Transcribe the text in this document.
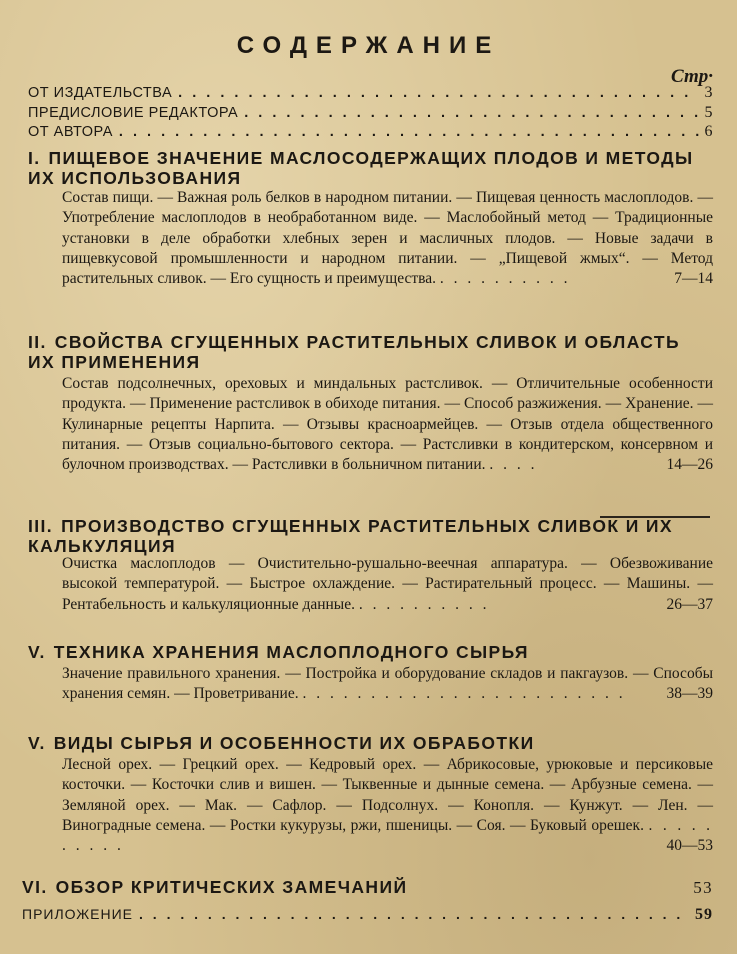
СОДЕРЖАНИЕ
Стр·
ОТ ИЗДАТЕЛЬСТВА . . .	3
ПРЕДИСЛОВИЕ РЕДАКТОРА . . .	5
ОТ АВТОРА . . .	6
I. ПИЩЕВОЕ ЗНАЧЕНИЕ МАСЛОСОДЕРЖАЩИХ ПЛОДОВ И МЕТОДЫ ИХ ИСПОЛЬЗОВАНИЯ
Состав пищи. — Важная роль белков в народном питании. — Пищевая ценность маслоплодов. — Употребление маслоплодов в необработанном виде. — Маслобойный метод — Традиционные установки в деле обработки хлебных зерен и масличных плодов. — Новые задачи в пищевкусовой промышленности и народном питании. — „Пищевой жмых“. — Метод растительных сливок. — Его сущность и преимущества. . . . . . . . . . .	7—14
II. СВОЙСТВА СГУЩЕННЫХ РАСТИТЕЛЬНЫХ СЛИВОК И ОБЛАСТЬ ИХ ПРИМЕНЕНИЯ
Состав подсолнечных, ореховых и миндальных растсливок. — Отличительные особенности продукта. — Применение растсливок в обиходе питания. — Способ разжижения. — Хранение. — Кулинарные рецепты Нарпита. — Отзывы красноармейцев. — Отзыв отдела общественного питания. — Отзыв социально-бытового сектора. — Растсливки в кондитерском, консервном и булочном производствах. — Растсливки в больничном питании. . . . .	14—26
III. ПРОИЗВОДСТВО СГУЩЕННЫХ РАСТИТЕЛЬНЫХ СЛИВОК И ИХ КАЛЬКУЛЯЦИЯ
Очистка маслоплодов — Очистительно-рушально-веечная аппаратура. — Обезвоживание высокой температурой. — Быстрое охлаждение. — Растирательный процесс. — Машины. — Рентабельность и калькуляционные данные. . . . . . . . . . .	26—37
V. ТЕХНИКА ХРАНЕНИЯ МАСЛОПЛОДНОГО СЫРЬЯ
Значение правильного хранения. — Постройка и оборудование складов и пакгаузов. — Способы хранения семян. — Проветривание. . . . . . . . . . . . . . . . . . . . . . . . .	38—39
V. ВИДЫ СЫРЬЯ И ОСОБЕННОСТИ ИХ ОБРАБОТКИ
Лесной орех. — Грецкий орех. — Кедровый орех. — Абрикосовые, урюковые и персиковые косточки. — Косточки слив и вишен. — Тыквенные и дынные семена. — Арбузные семена. — Земляной орех. — Мак. — Сафлор. — Подсолнух. — Конопля. — Кунжут. — Лен. — Виноградные семена. — Ростки кукурузы, ржи, пшеницы. — Соя. — Буковый орешек. . . . . . . . . . .	40—53
VI. ОБЗОР КРИТИЧЕСКИХ ЗАМЕЧАНИЙ	53
ПРИЛОЖЕНИЕ . . .	59
